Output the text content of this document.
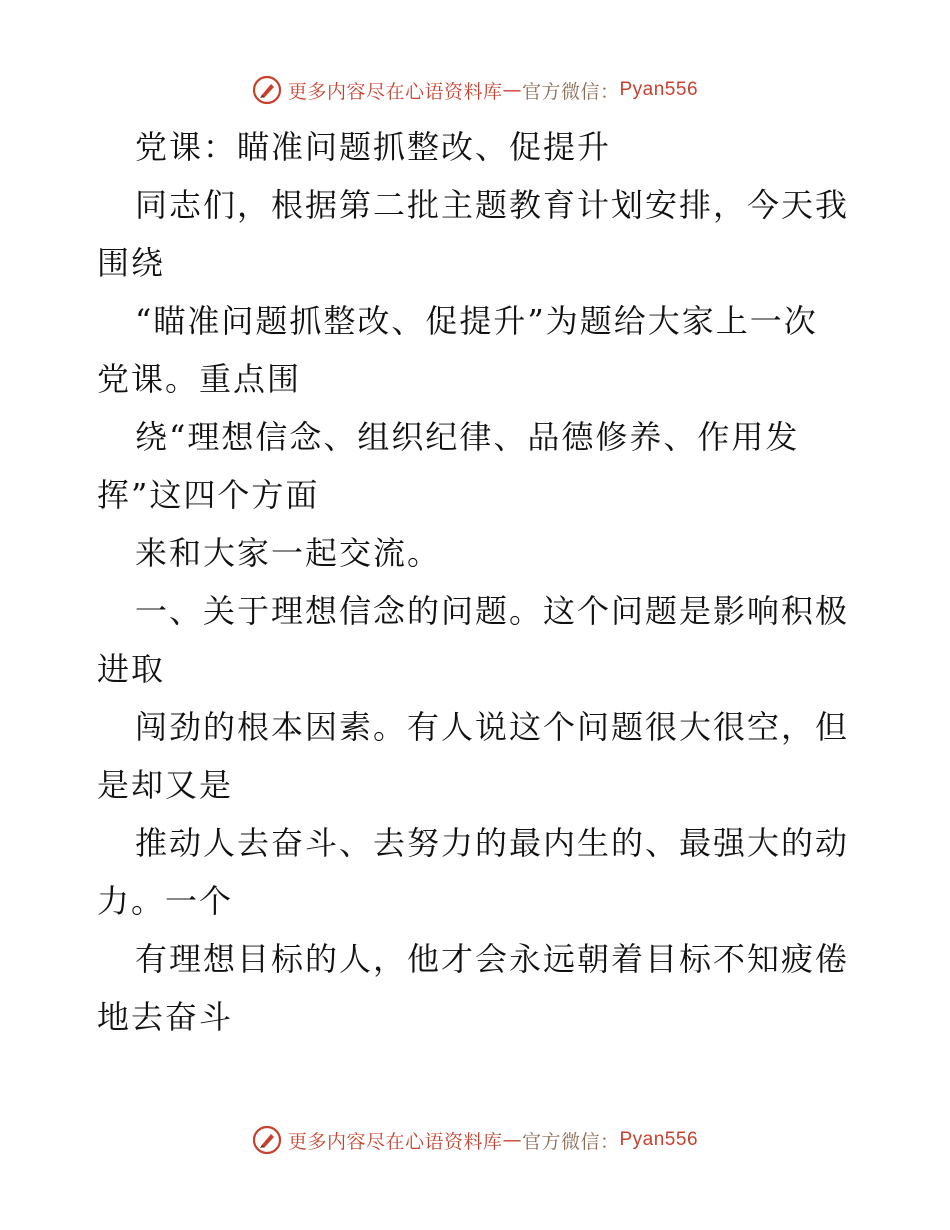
更多内容尽在心语资料库 — 官方微信： Pyan556
党课：瞄准问题抓整改、促提升
同志们，根据第二批主题教育计划安排，今天我
围绕
“瞄准问题抓整改、促提升”为题给大家上一次
党课。重点围
绕“理想信念、组织纪律、品德修养、作用发
挥”这四个方面
来和大家一起交流。
一、关于理想信念的问题。这个问题是影响积极
进取
闯劲的根本因素。有人说这个问题很大很空，但
是却又是
推动人去奋斗、去努力的最内生的、最强大的动
力。一个
有理想目标的人，他才会永远朝着目标不知疲倦
地去奋斗
更多内容尽在心语资料库 — 官方微信： Pyan556
